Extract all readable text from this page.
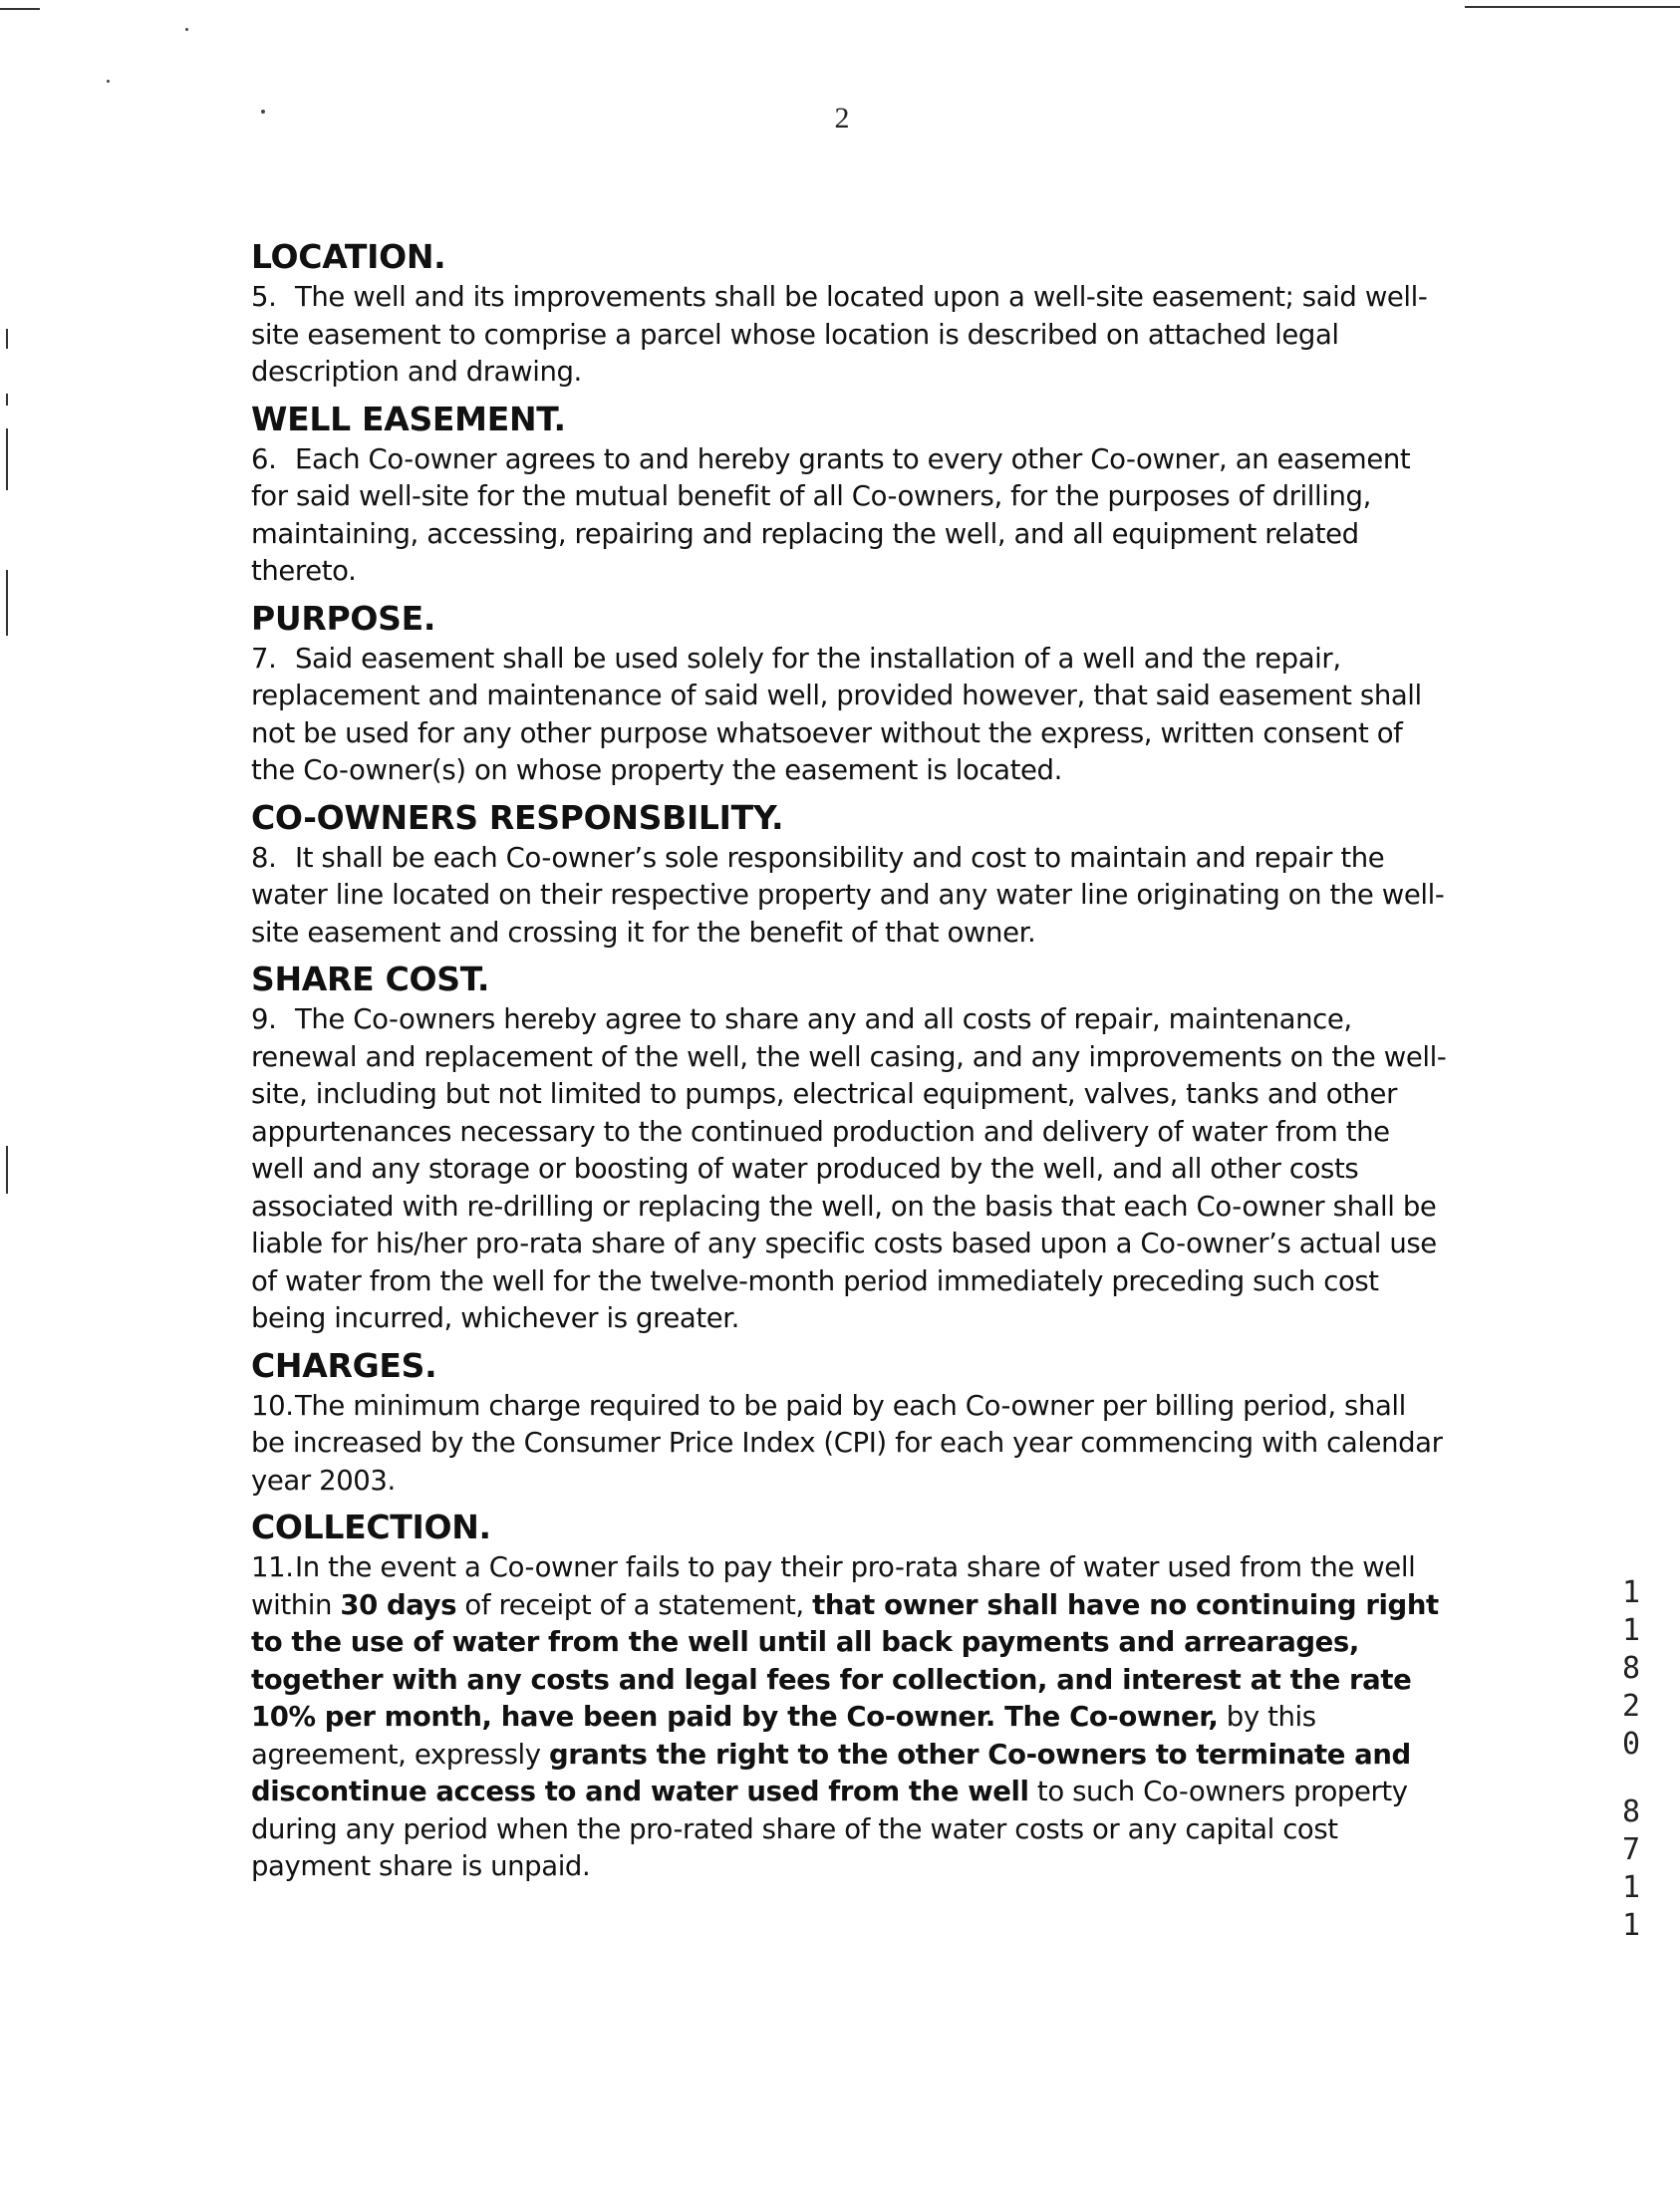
2
LOCATION.

5. The well and its improvements shall be located upon a well-site easement; said well-site easement to comprise a parcel whose location is described on attached legal description and drawing.

WELL EASEMENT.

6. Each Co-owner agrees to and hereby grants to every other Co-owner, an easement for said well-site for the mutual benefit of all Co-owners, for the purposes of drilling, maintaining, accessing, repairing and replacing the well, and all equipment related thereto.

PURPOSE.

7. Said easement shall be used solely for the installation of a well and the repair, replacement and maintenance of said well, provided however, that said easement shall not be used for any other purpose whatsoever without the express, written consent of the Co-owner(s) on whose property the easement is located.

CO-OWNERS RESPONSBILITY.

8. It shall be each Co-owner’s sole responsibility and cost to maintain and repair the water line located on their respective property and any water line originating on the well-site easement and crossing it for the benefit of that owner.

SHARE COST.

9. The Co-owners hereby agree to share any and all costs of repair, maintenance, renewal and replacement of the well, the well casing, and any improvements on the well-site, including but not limited to pumps, electrical equipment, valves, tanks and other appurtenances necessary to the continued production and delivery of water from the well and any storage or boosting of water produced by the well, and all other costs associated with re-drilling or replacing the well, on the basis that each Co-owner shall be liable for his/her pro-rata share of any specific costs based upon a Co-owner’s actual use of water from the well for the twelve-month period immediately preceding such cost being incurred, whichever is greater.

CHARGES.

10.The minimum charge required to be paid by each Co-owner per billing period, shall be increased by the Consumer Price Index (CPI) for each year commencing with calendar year 2003.

COLLECTION.

11.In the event a Co-owner fails to pay their pro-rata share of water used from the well within 30 days of receipt of a statement, that owner shall have no continuing right to the use of water from the well until all back payments and arrearages, together with any costs and legal fees for collection, and interest at the rate 10% per month, have been paid by the Co-owner. The Co-owner, by this agreement, expressly grants the right to the other Co-owners to terminate and discontinue access to and water used from the well to such Co-owners property during any period when the pro-rated share of the water costs or any capital cost payment share is unpaid.

1
1
8
2
0
8
7
1
1
